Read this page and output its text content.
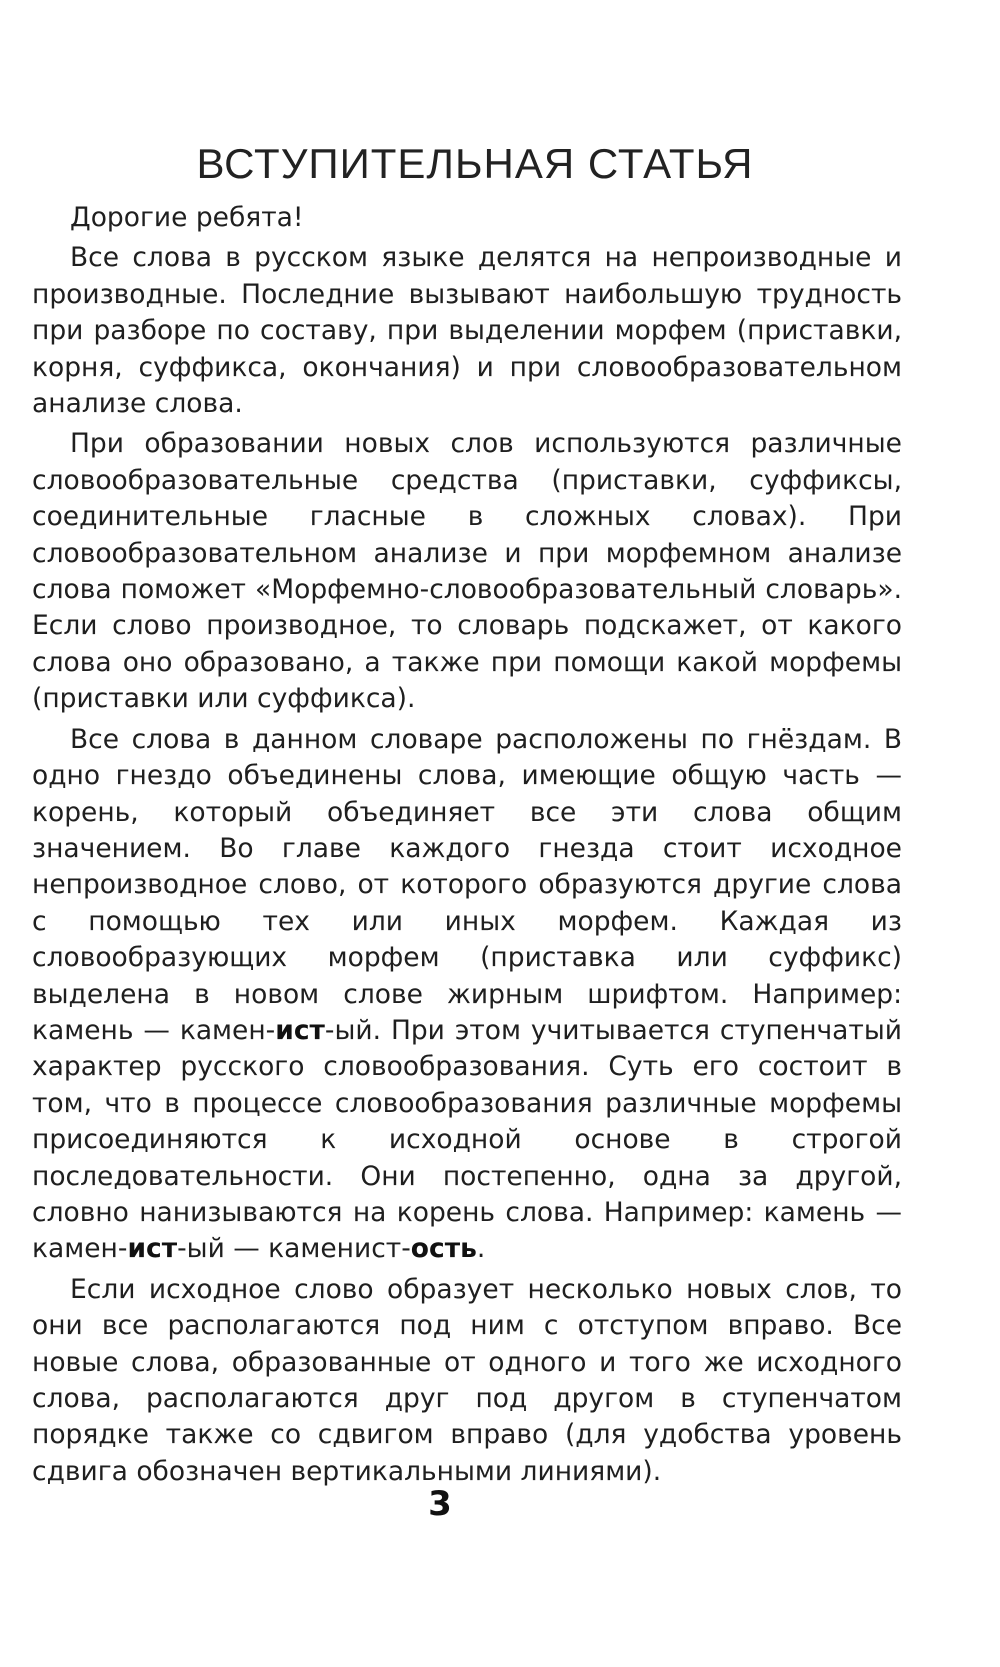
ВСТУПИТЕЛЬНАЯ СТАТЬЯ

Дорогие ребята!

Все слова в русском языке делятся на непроизводные и производные. Последние вызывают наибольшую трудность при разборе по составу, при выделении морфем (приставки, корня, суффикса, окончания) и при словообразовательном анализе слова.

При образовании новых слов используются различные словообразовательные средства (приставки, суффиксы, соединительные гласные в сложных словах). При словообразовательном анализе и при морфемном анализе слова поможет «Морфемно-словообразовательный словарь». Если слово производное, то словарь подскажет, от какого слова оно образовано, а также при помощи какой морфемы (приставки или суффикса).

Все слова в данном словаре расположены по гнёздам. В одно гнездо объединены слова, имеющие общую часть — корень, который объединяет все эти слова общим значением. Во главе каждого гнезда стоит исходное непроизводное слово, от которого образуются другие слова с помощью тех или иных морфем. Каждая из словообразующих морфем (приставка или суффикс) выделена в новом слове жирным шрифтом. Например: камень — камен-ист-ый. При этом учитывается ступенчатый характер русского словообразования. Суть его состоит в том, что в процессе словообразования различные морфемы присоединяются к исходной основе в строгой последовательности. Они постепенно, одна за другой, словно нанизываются на корень слова. Например: камень — камен-ист-ый — каменист-ость.

Если исходное слово образует несколько новых слов, то они все располагаются под ним с отступом вправо. Все новые слова, образованные от одного и того же исходного слова, располагаются друг под другом в ступенчатом порядке также со сдвигом вправо (для удобства уровень сдвига обозначен вертикальными линиями).

3
